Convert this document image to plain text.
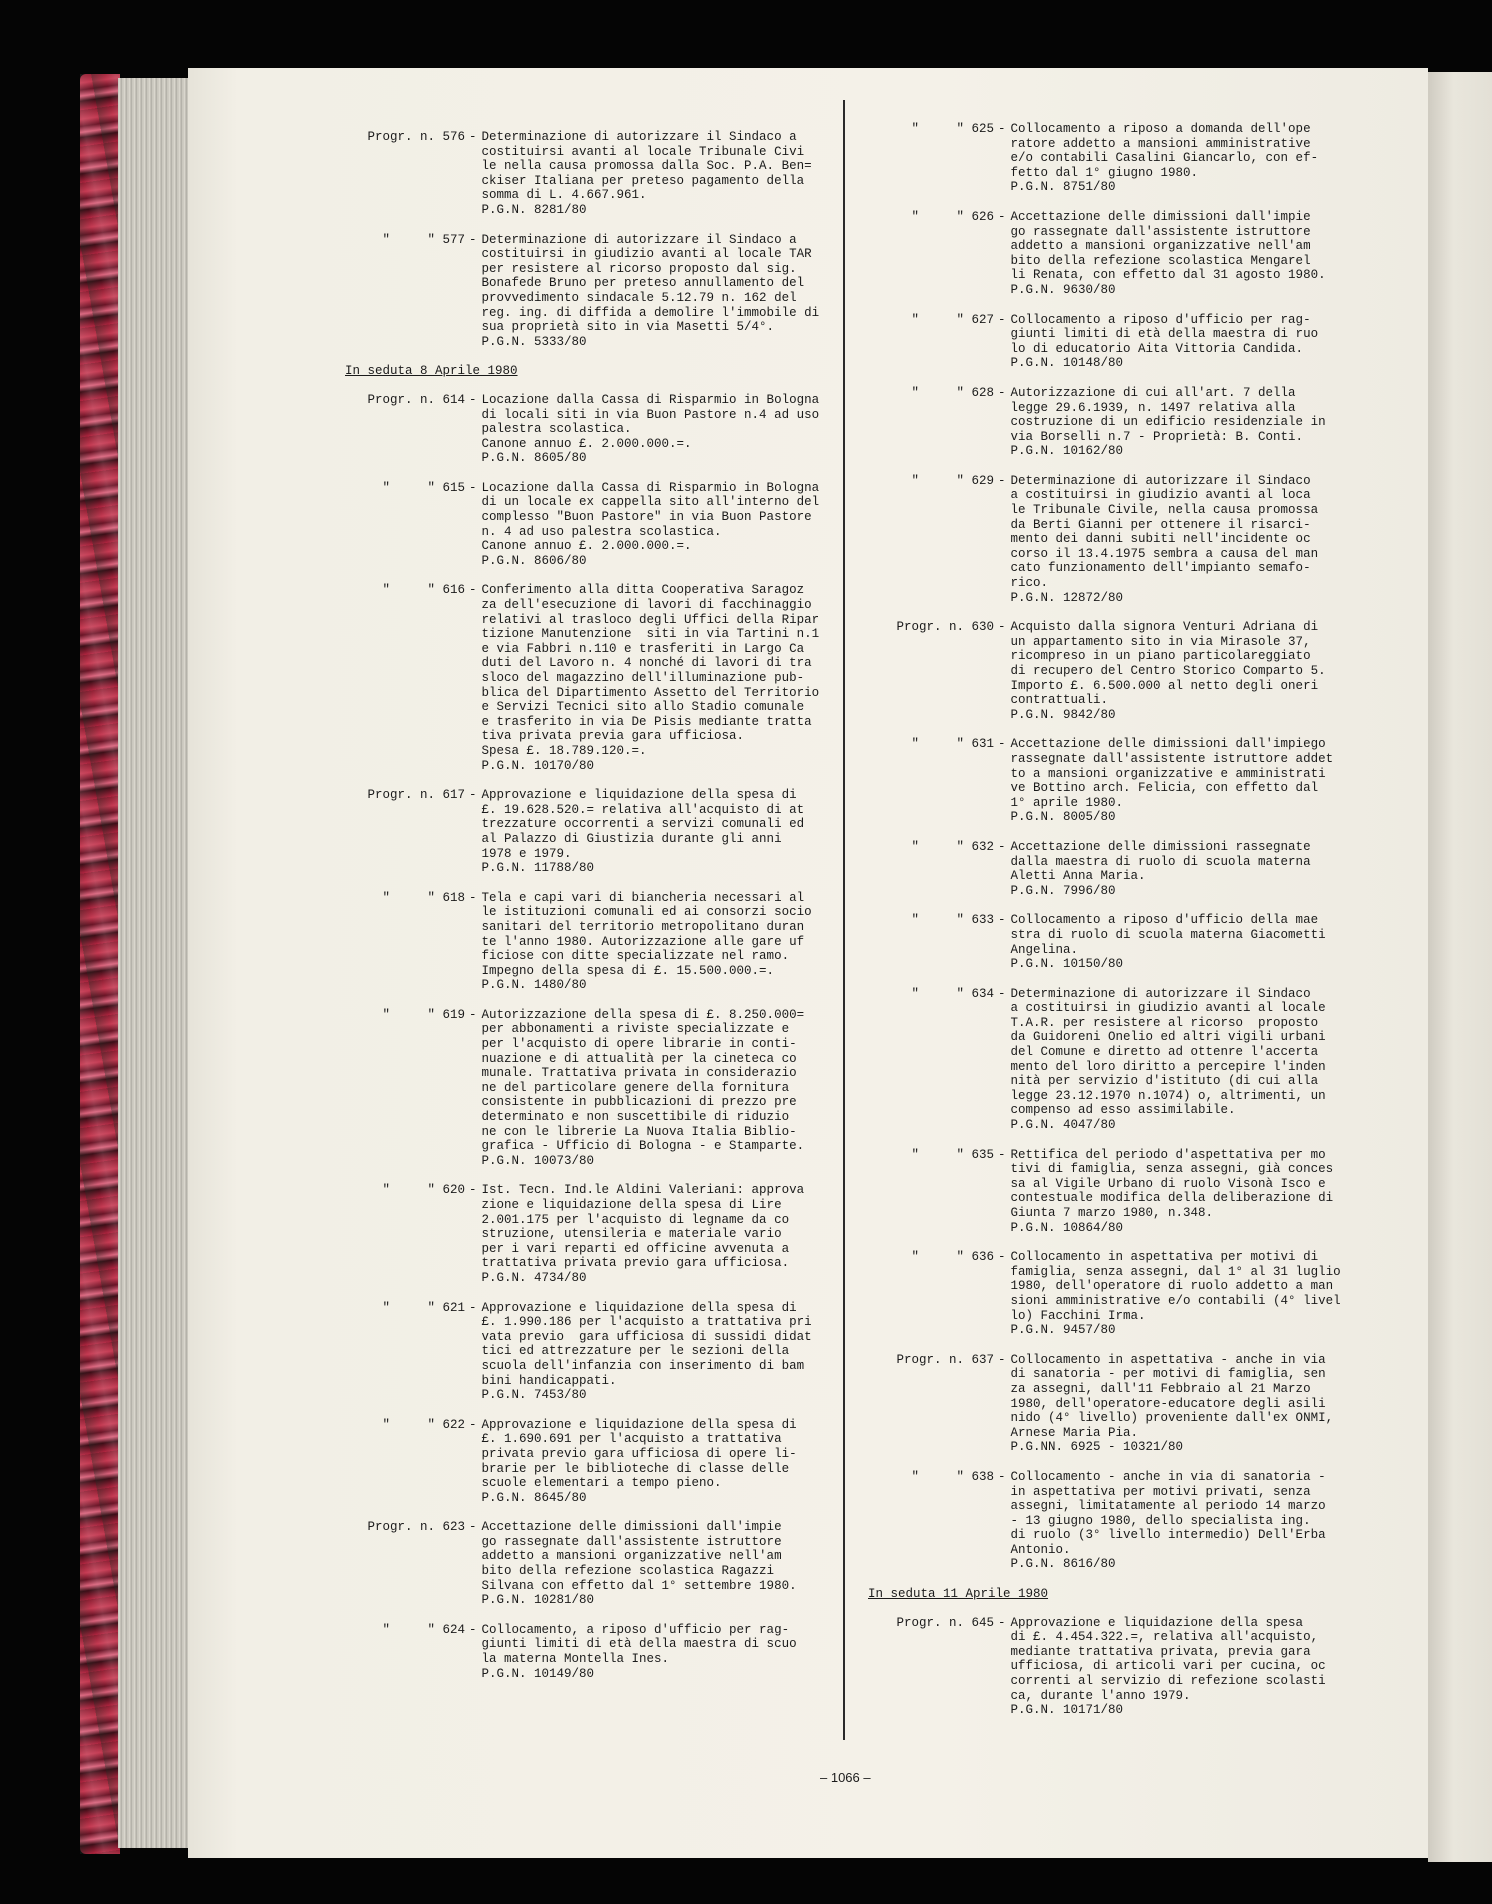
Progr. n. 576 - Determinazione di autorizzare il Sindaco a
costituirsi avanti al locale Tribunale Civi
le nella causa promossa dalla Soc. P.A. Ben=
ckiser Italiana per preteso pagamento della
somma di L. 4.667.961.
P.G.N. 8281/80
"     " 577 - Determinazione di autorizzare il Sindaco a
costituirsi in giudizio avanti al locale TAR
per resistere al ricorso proposto dal sig.
Bonafede Bruno per preteso annullamento del
provvedimento sindacale 5.12.79 n. 162 del
reg. ing. di diffida a demolire l'immobile di
sua proprietà sito in via Masetti 5/4°.
P.G.N. 5333/80
In seduta 8 Aprile 1980
Progr. n. 614 - Locazione dalla Cassa di Risparmio in Bologna
di locali siti in via Buon Pastore n.4 ad uso
palestra scolastica.
Canone annuo £. 2.000.000.=.
P.G.N. 8605/80
"     " 615 - Locazione dalla Cassa di Risparmio in Bologna
di un locale ex cappella sito all'interno del
complesso "Buon Pastore" in via Buon Pastore
n. 4 ad uso palestra scolastica.
Canone annuo £. 2.000.000.=.
P.G.N. 8606/80
"     " 616 - Conferimento alla ditta Cooperativa Saragoz
za dell'esecuzione di lavori di facchinaggio
relativi al trasloco degli Uffici della Ripar
tizione Manutenzione  siti in via Tartini n.1
e via Fabbri n.110 e trasferiti in Largo Ca
duti del Lavoro n. 4 nonché di lavori di tra
sloco del magazzino dell'illuminazione pub-
blica del Dipartimento Assetto del Territorio
e Servizi Tecnici sito allo Stadio comunale
e trasferito in via De Pisis mediante tratta
tiva privata previa gara ufficiosa.
Spesa £. 18.789.120.=.
P.G.N. 10170/80
Progr. n. 617 - Approvazione e liquidazione della spesa di
£. 19.628.520.= relativa all'acquisto di at
trezzature occorrenti a servizi comunali ed
al Palazzo di Giustizia durante gli anni
1978 e 1979.
P.G.N. 11788/80
"     " 618 - Tela e capi vari di biancheria necessari al
le istituzioni comunali ed ai consorzi socio
sanitari del territorio metropolitano duran
te l'anno 1980. Autorizzazione alle gare uf
ficiose con ditte specializzate nel ramo.
Impegno della spesa di £. 15.500.000.=.
P.G.N. 1480/80
"     " 619 - Autorizzazione della spesa di £. 8.250.000=
per abbonamenti a riviste specializzate e
per l'acquisto di opere librarie in conti-
nuazione e di attualità per la cineteca co
munale. Trattativa privata in considerazio
ne del particolare genere della fornitura
consistente in pubblicazioni di prezzo pre
determinato e non suscettibile di riduzio
ne con le librerie La Nuova Italia Biblio-
grafica - Ufficio di Bologna - e Stamparte.
P.G.N. 10073/80
"     " 620 - Ist. Tecn. Ind.le Aldini Valeriani: approva
zione e liquidazione della spesa di Lire
2.001.175 per l'acquisto di legname da co
struzione, utensileria e materiale vario
per i vari reparti ed officine avvenuta a
trattativa privata previo gara ufficiosa.
P.G.N. 4734/80
"     " 621 - Approvazione e liquidazione della spesa di
£. 1.990.186 per l'acquisto a trattativa pri
vata previo  gara ufficiosa di sussidi didat
tici ed attrezzature per le sezioni della
scuola dell'infanzia con inserimento di bam
bini handicappati.
P.G.N. 7453/80
"     " 622 - Approvazione e liquidazione della spesa di
£. 1.690.691 per l'acquisto a trattativa
privata previo gara ufficiosa di opere li-
brarie per le biblioteche di classe delle
scuole elementari a tempo pieno.
P.G.N. 8645/80
Progr. n. 623 - Accettazione delle dimissioni dall'impie
go rassegnate dall'assistente istruttore
addetto a mansioni organizzative nell'am
bito della refezione scolastica Ragazzi
Silvana con effetto dal 1° settembre 1980.
P.G.N. 10281/80
"     " 624 - Collocamento, a riposo d'ufficio per rag-
giunti limiti di età della maestra di scuo
la materna Montella Ines.
P.G.N. 10149/80
"     " 625 - Collocamento a riposo a domanda dell'ope
ratore addetto a mansioni amministrative
e/o contabili Casalini Giancarlo, con ef-
fetto dal 1° giugno 1980.
P.G.N. 8751/80
"     " 626 - Accettazione delle dimissioni dall'impie
go rassegnate dall'assistente istruttore
addetto a mansioni organizzative nell'am
bito della refezione scolastica Mengarel
li Renata, con effetto dal 31 agosto 1980.
P.G.N. 9630/80
"     " 627 - Collocamento a riposo d'ufficio per rag-
giunti limiti di età della maestra di ruo
lo di educatorio Aita Vittoria Candida.
P.G.N. 10148/80
"     " 628 - Autorizzazione di cui all'art. 7 della
legge 29.6.1939, n. 1497 relativa alla
costruzione di un edificio residenziale in
via Borselli n.7 - Proprietà: B. Conti.
P.G.N. 10162/80
"     " 629 - Determinazione di autorizzare il Sindaco
a costituirsi in giudizio avanti al loca
le Tribunale Civile, nella causa promossa
da Berti Gianni per ottenere il risarci-
mento dei danni subiti nell'incidente oc
corso il 13.4.1975 sembra a causa del man
cato funzionamento dell'impianto semafo-
rico.
P.G.N. 12872/80
Progr. n. 630 - Acquisto dalla signora Venturi Adriana di
un appartamento sito in via Mirasole 37,
ricompreso in un piano particolareggiato
di recupero del Centro Storico Comparto 5.
Importo £. 6.500.000 al netto degli oneri
contrattuali.
P.G.N. 9842/80
"     " 631 - Accettazione delle dimissioni dall'impiego
rassegnate dall'assistente istruttore addet
to a mansioni organizzative e amministrati
ve Bottino arch. Felicia, con effetto dal
1° aprile 1980.
P.G.N. 8005/80
"     " 632 - Accettazione delle dimissioni rassegnate
dalla maestra di ruolo di scuola materna
Aletti Anna Maria.
P.G.N. 7996/80
"     " 633 - Collocamento a riposo d'ufficio della mae
stra di ruolo di scuola materna Giacometti
Angelina.
P.G.N. 10150/80
"     " 634 - Determinazione di autorizzare il Sindaco
a costituirsi in giudizio avanti al locale
T.A.R. per resistere al ricorso  proposto
da Guidoreni Onelio ed altri vigili urbani
del Comune e diretto ad ottenre l'accerta
mento del loro diritto a percepire l'inden
nità per servizio d'istituto (di cui alla
legge 23.12.1970 n.1074) o, altrimenti, un
compenso ad esso assimilabile.
P.G.N. 4047/80
"     " 635 - Rettifica del periodo d'aspettativa per mo
tivi di famiglia, senza assegni, già conces
sa al Vigile Urbano di ruolo Visonà Isco e
contestuale modifica della deliberazione di
Giunta 7 marzo 1980, n.348.
P.G.N. 10864/80
"     " 636 - Collocamento in aspettativa per motivi di
famiglia, senza assegni, dal 1° al 31 luglio
1980, dell'operatore di ruolo addetto a man
sioni amministrative e/o contabili (4° livel
lo) Facchini Irma.
P.G.N. 9457/80
Progr. n. 637 - Collocamento in aspettativa - anche in via
di sanatoria - per motivi di famiglia, sen
za assegni, dall'11 Febbraio al 21 Marzo
1980, dell'operatore-educatore degli asili
nido (4° livello) proveniente dall'ex ONMI,
Arnese Maria Pia.
P.G.NN. 6925 - 10321/80
"     " 638 - Collocamento - anche in via di sanatoria -
in aspettativa per motivi privati, senza
assegni, limitatamente al periodo 14 marzo
- 13 giugno 1980, dello specialista ing.
di ruolo (3° livello intermedio) Dell'Erba
Antonio.
P.G.N. 8616/80
In seduta 11 Aprile 1980
Progr. n. 645 - Approvazione e liquidazione della spesa
di £. 4.454.322.=, relativa all'acquisto,
mediante trattativa privata, previa gara
ufficiosa, di articoli vari per cucina, oc
correnti al servizio di refezione scolasti
ca, durante l'anno 1979.
P.G.N. 10171/80
– 1066 –
